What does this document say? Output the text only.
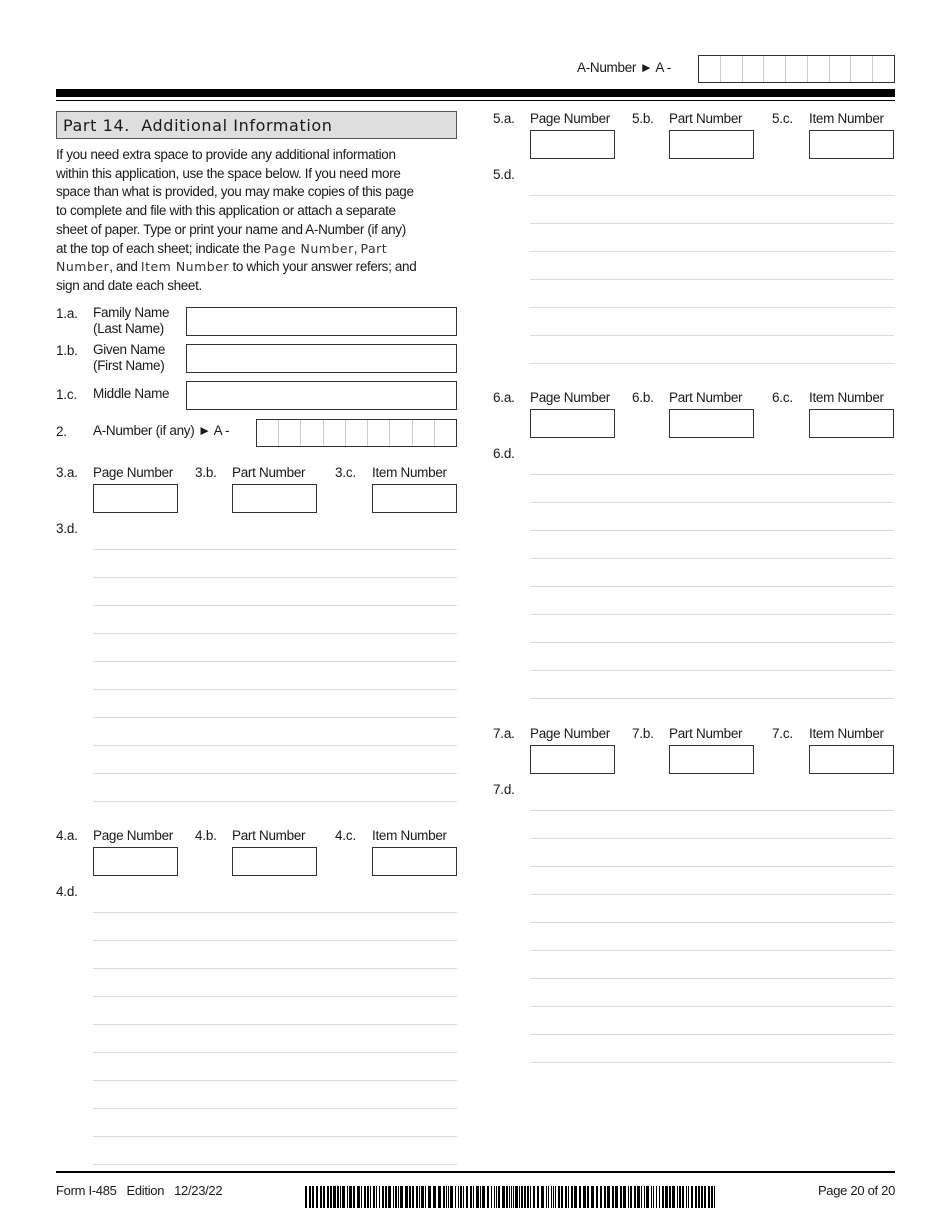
A-Number ► A -
Part 14.  Additional Information
If you need extra space to provide any additional information
within this application, use the space below. If you need more
space than what is provided, you may make copies of this page
to complete and file with this application or attach a separate
sheet of paper. Type or print your name and A-Number (if any)
at the top of each sheet; indicate the Page Number, Part
Number, and Item Number to which your answer refers; and
sign and date each sheet.
1.a. Family Name
(Last Name)
1.b. Given Name
(First Name)
1.c. Middle Name
2. A-Number (if any) ► A -
3.a. Page Number 3.b. Part Number 3.c. Item Number
3.d.
4.a. Page Number 4.b. Part Number 4.c. Item Number
4.d.
5.a. Page Number 5.b. Part Number 5.c. Item Number
5.d.
6.a. Page Number 6.b. Part Number 6.c. Item Number
6.d.
7.a. Page Number 7.b. Part Number 7.c. Item Number
7.d.
Form I-485   Edition   12/23/22	Page 20 of 20
